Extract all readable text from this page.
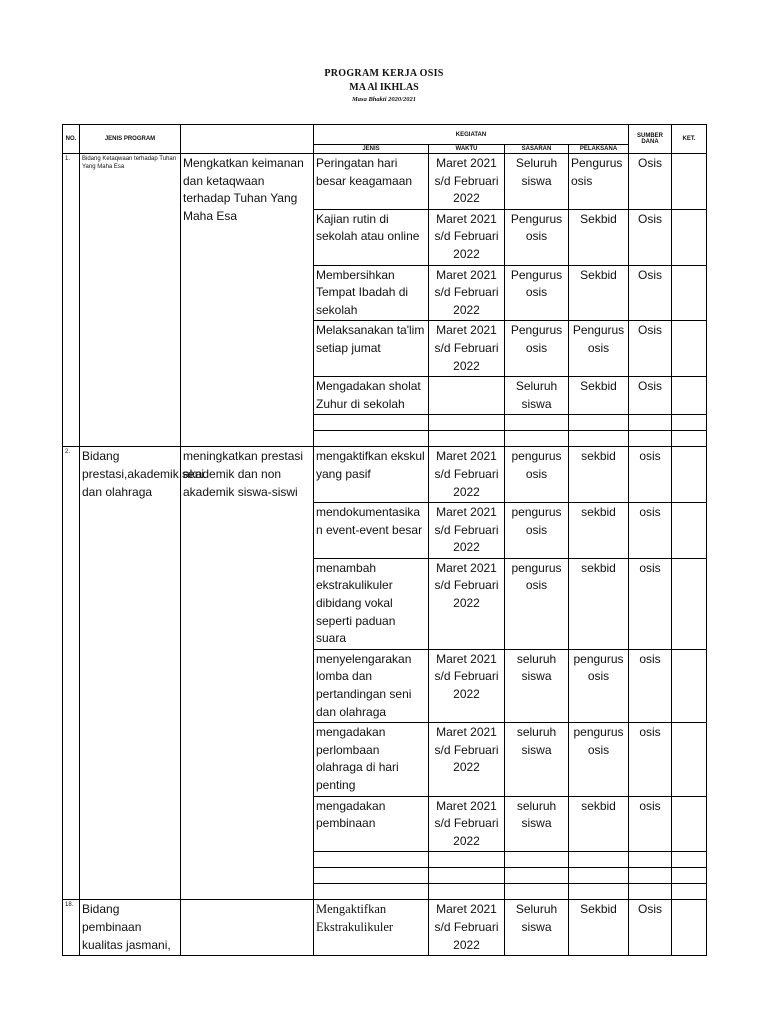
PROGRAM KERJA OSIS
MA Al IKHLAS
Masa Bhakti 2020/2021
NO.	JENIS PROGRAM		KEGIATAN				SUMBER DANA	KET.
			JENIS	WAKTU	SASARAN	PELAKSANA		
1.	Bidang Ketaqwaan terhadap Tuhan Yang Maha Esa	Mengkatkan keimanan dan ketaqwaan terhadap Tuhan Yang Maha Esa	Peringatan hari besar keagamaan	Maret 2021 s/d Februari 2022	Seluruh siswa	Pengurus osis	Osis	
			Kajian rutin di sekolah atau online	Maret 2021 s/d Februari 2022	Pengurus osis	Sekbid	Osis	
			Membersihkan Tempat Ibadah di sekolah	Maret 2021 s/d Februari 2022	Pengurus osis	Sekbid	Osis	
			Melaksanakan ta'lim setiap jumat	Maret 2021 s/d Februari 2022	Pengurus osis	Pengurus osis	Osis	
			Mengadakan sholat Zuhur di sekolah		Seluruh siswa	Sekbid	Osis	

2.	Bidang prestasi,akademik,seni dan olahraga	meningkatkan prestasi akademik dan non akademik siswa-siswi	mengaktifkan ekskul yang pasif	Maret 2021 s/d Februari 2022	pengurus osis	sekbid	osis	
			mendokumentasikan event-event besar	Maret 2021 s/d Februari 2022	pengurus osis	sekbid	osis	
			menambah ekstrakulikuler dibidang vokal seperti paduan suara	Maret 2021 s/d Februari 2022	pengurus osis	sekbid	osis	
			menyelengarakan lomba dan pertandingan seni dan olahraga	Maret 2021 s/d Februari 2022	seluruh siswa	pengurus osis	osis	
			mengadakan perlombaan olahraga di hari penting	Maret 2021 s/d Februari 2022	seluruh siswa	pengurus osis	osis	
			mengadakan pembinaan	Maret 2021 s/d Februari 2022	seluruh siswa	sekbid	osis	

18.	Bidang pembinaan kualitas jasmani,		Mengaktifkan Ekstrakulikuler	Maret 2021 s/d Februari 2022	Seluruh siswa	Sekbid	Osis	
